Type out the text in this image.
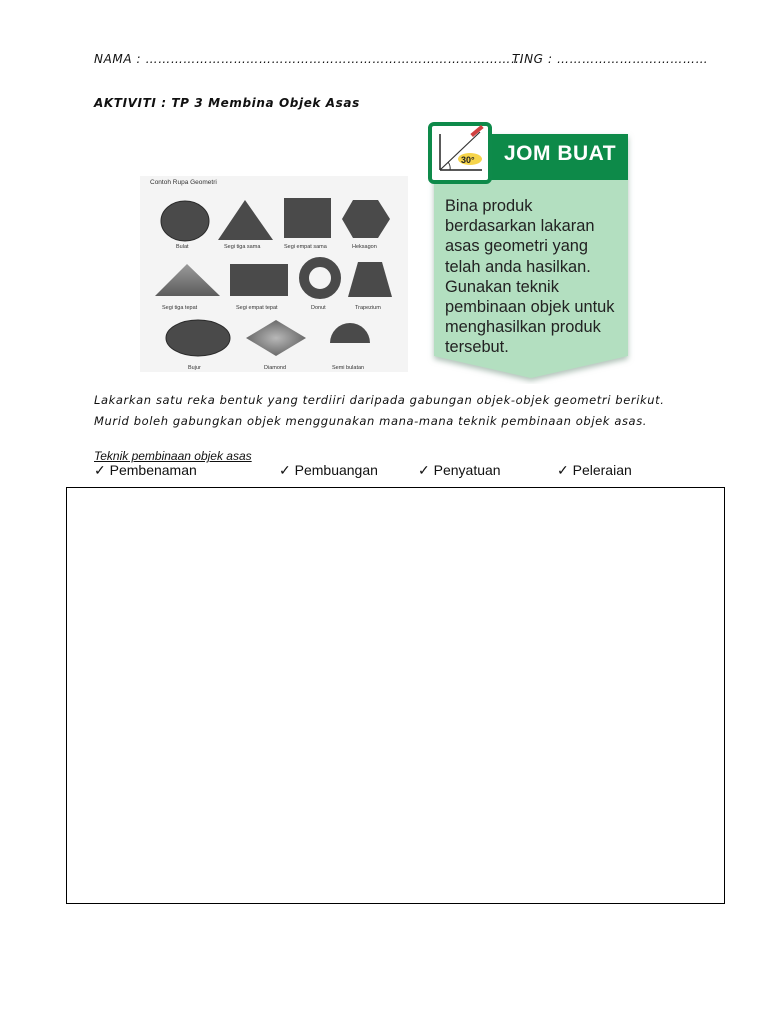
NAMA : ………………………………………………………………………………
TING : ………………………………
AKTIVITI : TP 3 Membina Objek Asas
Bulat	Segi tiga sama	Segi empat sama	Heksagon
Segi tiga tepat	Segi empat tepat	Donut	Trapezium
Bujur	Diamond	Semi bulatan
Contoh Rupa Geometri
30° JOM BUAT
Bina produk berdasarkan lakaran asas geometri yang telah anda hasilkan. Gunakan teknik pembinaan objek untuk menghasilkan produk tersebut.
Lakarkan satu reka bentuk yang terdiiri daripada gabungan objek-objek geometri berikut.
Murid boleh gabungkan objek menggunakan mana-mana teknik pembinaan objek asas.
Teknik pembinaan objek asas
✓ Pembenaman	✓ Pembuangan	✓ Penyatuan	✓ Peleraian
